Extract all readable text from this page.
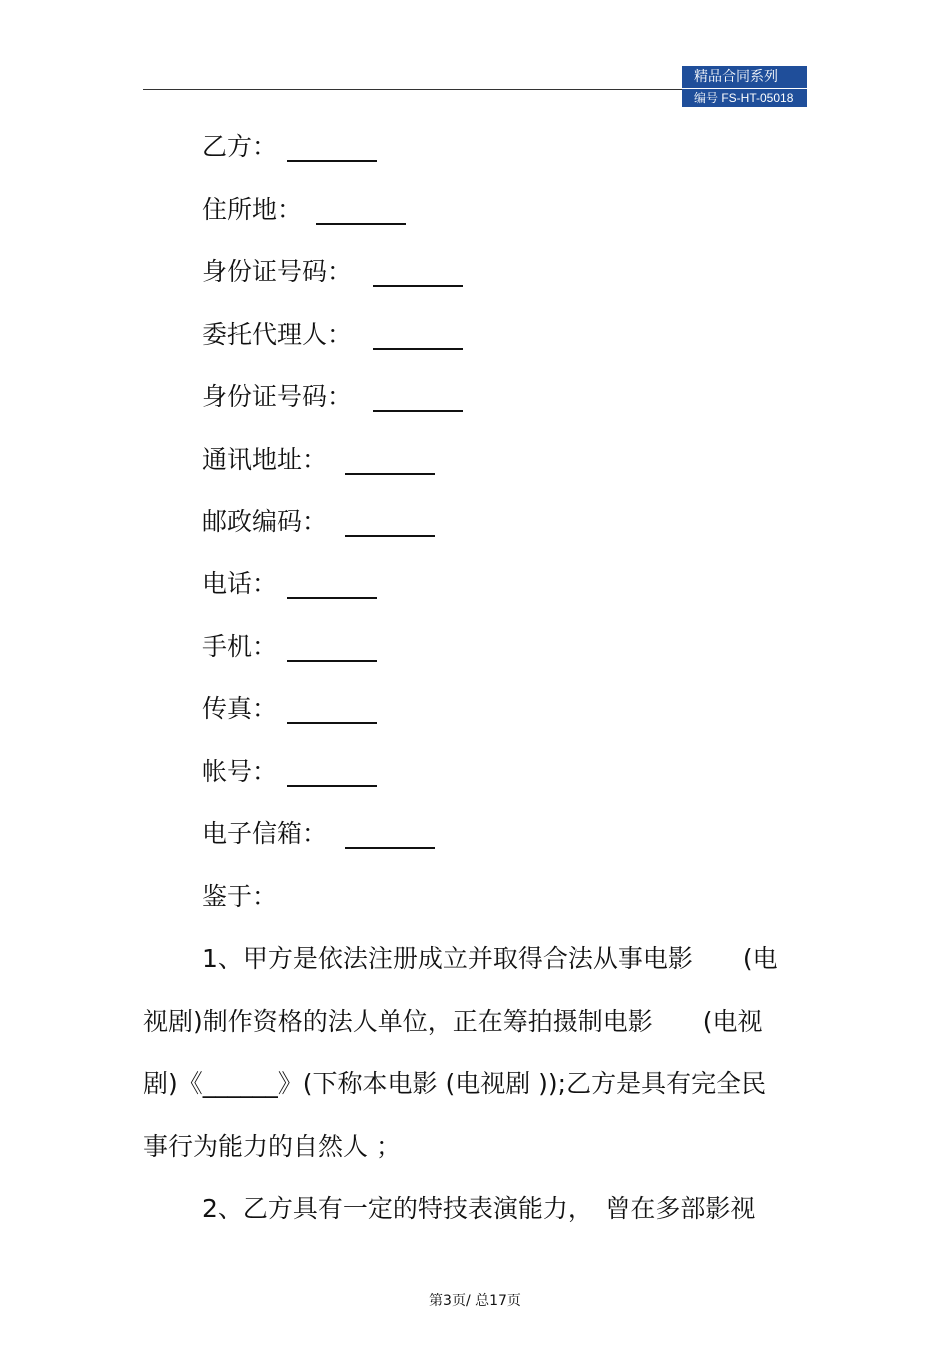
精品合同系列
编号 FS-HT-05018
乙方：
住所地：
身份证号码：
委托代理人：
身份证号码：
通讯地址：
邮政编码：
电话：
手机：
传真：
帐号：
电子信箱：
鉴于：
1、甲方是依法注册成立并取得合法从事电影　　(电
视剧)制作资格的法人单位，正在筹拍摄制电影　　(电视
剧)《______》(下称本电影 (电视剧 ));乙方是具有完全民
事行为能力的自然人 ；
2、乙方具有一定的特技表演能力，　曾在多部影视
第3页/ 总17页
